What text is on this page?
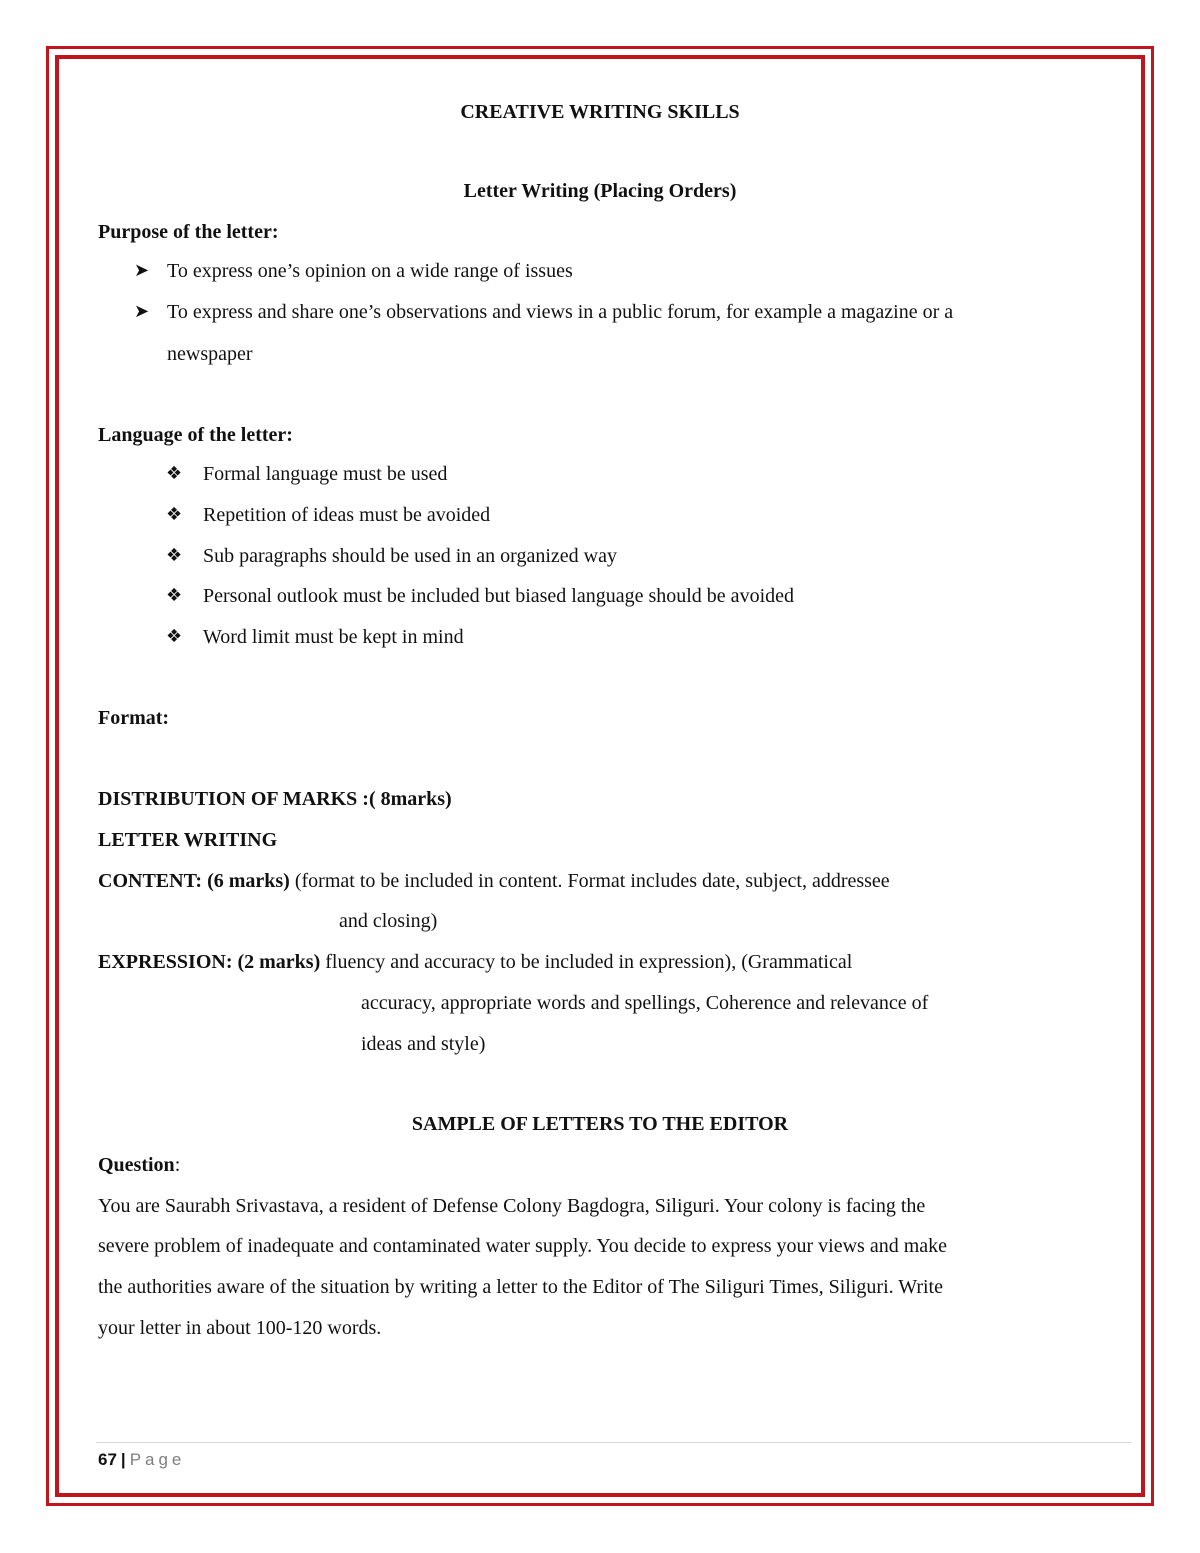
CREATIVE WRITING SKILLS
Letter Writing (Placing Orders)
Purpose of the letter:
➤ To express one’s opinion on a wide range of issues
➤ To express and share one’s observations and views in a public forum, for example a magazine or a
newspaper
Language of the letter:
❖ Formal language must be used
❖ Repetition of ideas must be avoided
❖ Sub paragraphs should be used in an organized way
❖ Personal outlook must be included but biased language should be avoided
❖ Word limit must be kept in mind
Format:
DISTRIBUTION OF MARKS :( 8marks)
LETTER WRITING
CONTENT: (6 marks) (format to be included in content. Format includes date, subject, addressee
and closing)
EXPRESSION: (2 marks) fluency and accuracy to be included in expression), (Grammatical
accuracy, appropriate words and spellings, Coherence and relevance of
ideas and style)
SAMPLE OF LETTERS TO THE EDITOR
Question:
You are Saurabh Srivastava, a resident of Defense Colony Bagdogra, Siliguri. Your colony is facing the
severe problem of inadequate and contaminated water supply. You decide to express your views and make
the authorities aware of the situation by writing a letter to the Editor of The Siliguri Times, Siliguri. Write
your letter in about 100-120 words.
67 | Page
